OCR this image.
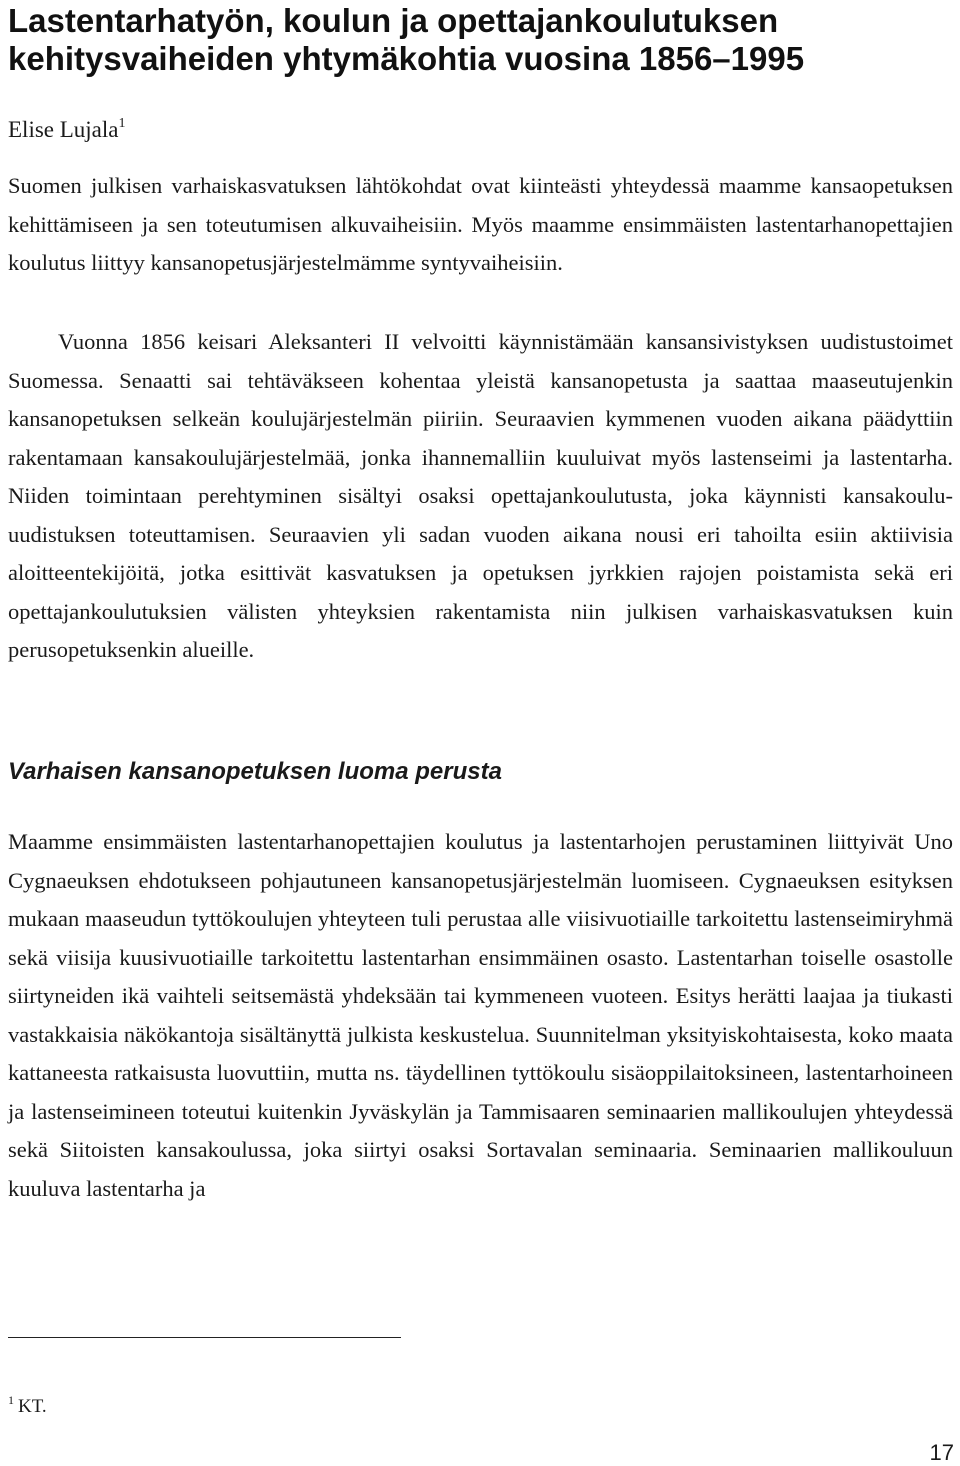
Lastentarhatyön, koulun ja opettajankoulutuksen kehitysvaiheiden yhtymäkohtia vuosina 1856–1995
Elise Lujala$^1$

Suomen julkisen varhaiskasvatuksen lähtökohdat ovat kiinteästi yhteydessä maamme kansaopetuksen kehittämiseen ja sen toteutumisen alkuvaiheisiin. Myös maamme ensimmäisten lastentarhanopettajien koulutus liittyy kansanopetusjärjestelmämme syntyvaiheisiin.

Vuonna 1856 keisari Aleksanteri II velvoitti käynnistämään kansansivistyksen uudistustoimet Suomessa. Senaatti sai tehtäväkseen kohentaa yleistä kansanopetusta ja saattaa maaseutujenkin kansanopetuksen selkeän koulujärjestelmän piiriin. Seuraavien kymmenen vuoden aikana päädyttiin rakentamaan kansakoulujärjestelmää, jonka ihannemalliin kuuluivat myös lastenseimi ja lastentarha. Niiden toimintaan perehtyminen sisältyi osaksi opettajankoulutusta, joka käynnisti kansakoulu-uudistuksen toteuttamisen. Seuraavien yli sadan vuoden aikana nousi eri tahoilta esiin aktiivisia aloitteentekijöitä, jotka esittivät kasvatuksen ja opetuksen jyrkkien rajojen poistamista sekä eri opettajankoulutuksien välisten yhteyksien rakentamista niin julkisen varhaiskasvatuksen kuin perusopetuksenkin alueille.

Varhaisen kansanopetuksen luoma perusta

Maamme ensimmäisten lastentarhanopettajien koulutus ja lastentarhojen perustaminen liittyivät Uno Cygnaeuksen ehdotukseen pohjautuneen kansanopetusjärjestelmän luomiseen. Cygnaeuksen esityksen mukaan maaseudun tyttökoulujen yhteyteen tuli perustaa alle viisivuotiaille tarkoitettu lastenseimiryhmä sekä viisija kuusivuotiaille tarkoitettu lastentarhan ensimmäinen osasto. Lastentarhan toiselle osastolle siirtyneiden ikä vaihteli seitsemästä yhdeksään tai kymmeneen vuoteen. Esitys herätti laajaa ja tiukasti vastakkaisia näkökantoja sisältänyttä julkista keskustelua. Suunnitelman yksityiskohtaisesta, koko maata kattaneesta ratkaisusta luovuttiin, mutta ns. täydellinen tyttökoulu sisäoppilaitoksineen, lastentarhoineen ja lastenseimineen toteutui kuitenkin Jyväskylän ja Tammisaaren seminaarien mallikoulujen yhteydessä sekä Siitoisten kansakoulussa, joka siirtyi osaksi Sortavalan seminaaria. Seminaarien mallikouluun kuuluva lastentarha ja

$^1$ KT.
17
